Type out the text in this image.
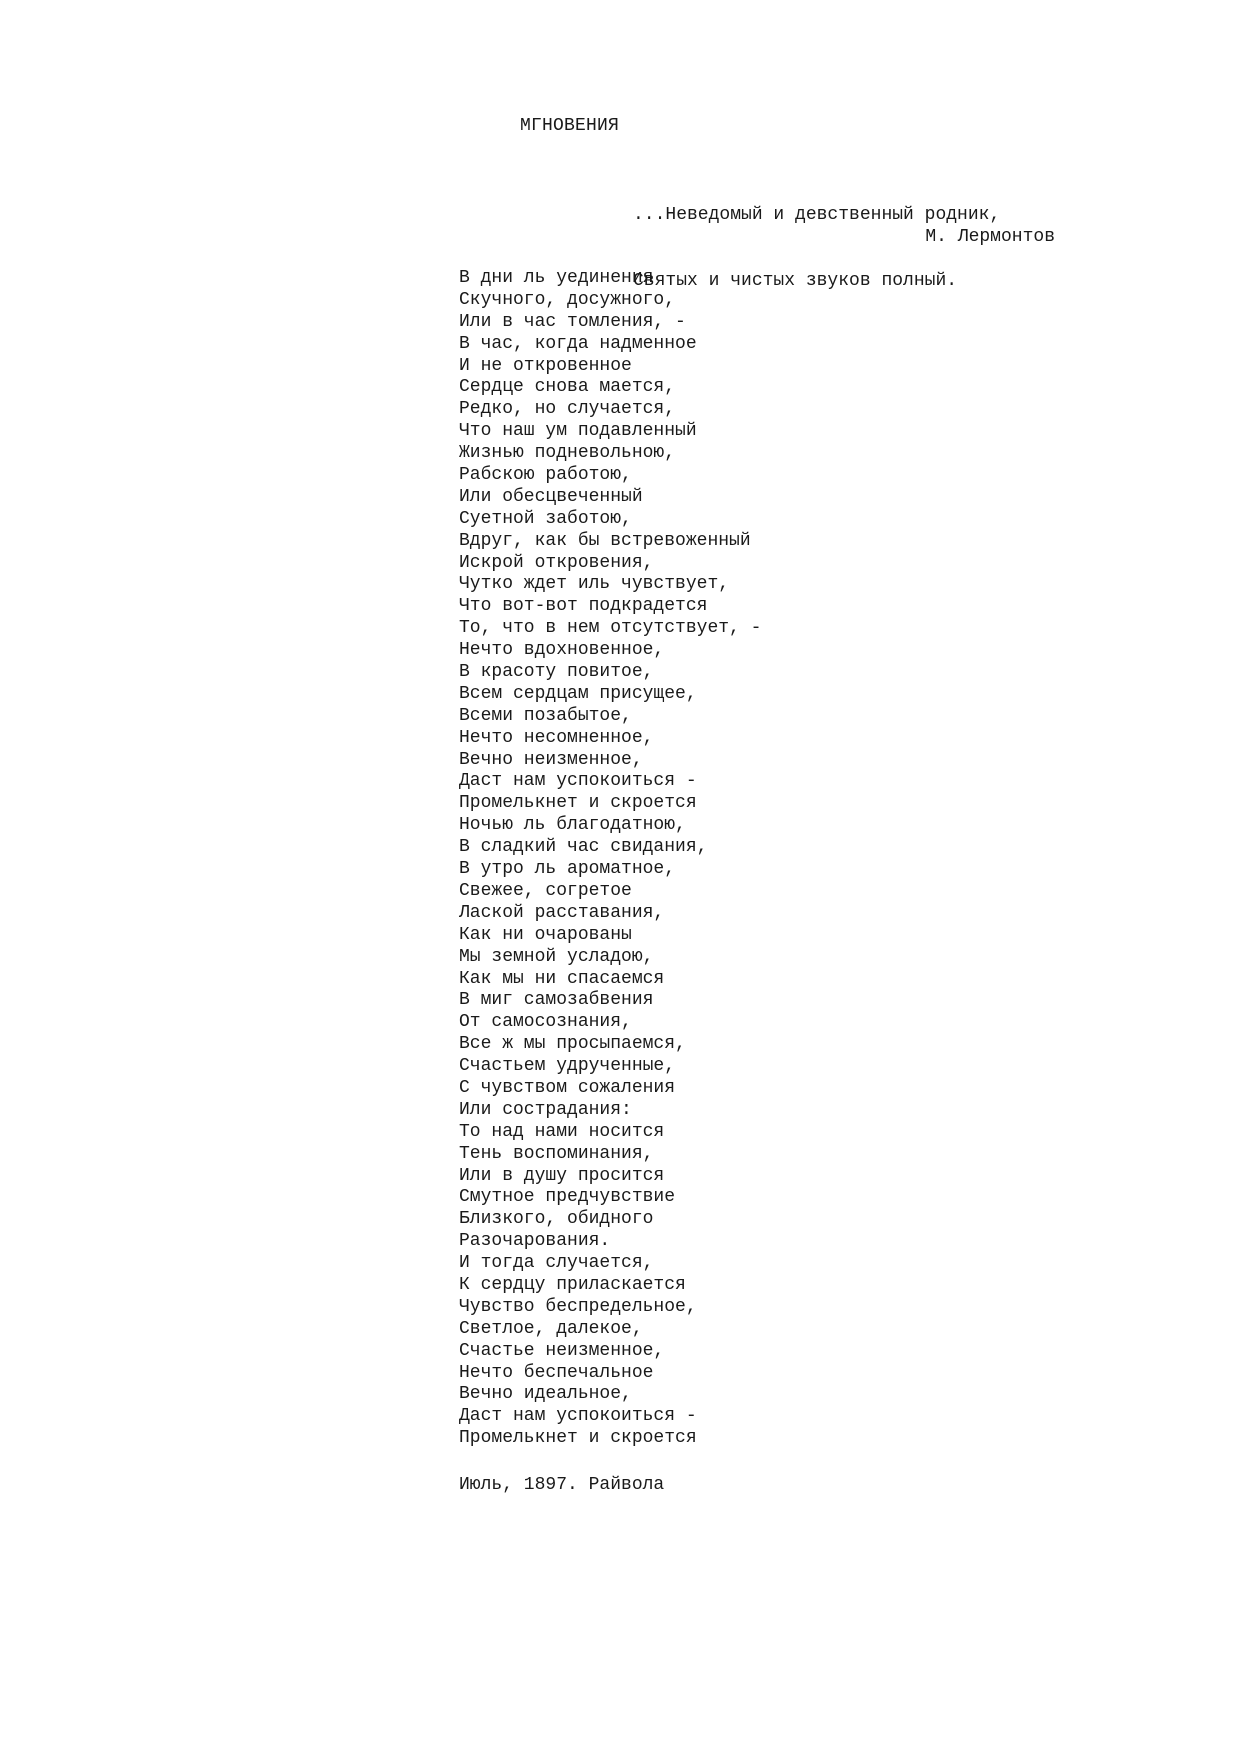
МГНОВЕНИЯ

...Неведомый и девственный родник,

Святых и чистых звуков полный.

М. Лермонтов
В дни ль уединения
Скучного, досужного,
Или в час томления, -
В час, когда надменное
И не откровенное
Сердце снова мается,
Редко, но случается,
Что наш ум подавленный
Жизнью подневольною,
Рабскою работою,
Или обесцвеченный
Суетной заботою,
Вдруг, как бы встревоженный
Искрой откровения,
Чутко ждет иль чувствует,
Что вот-вот подкрадется
То, что в нем отсутствует, -
Нечто вдохновенное,
В красоту повитое,
Всем сердцам присущее,
Всеми позабытое,
Нечто несомненное,
Вечно неизменное,
Даст нам успокоиться -
Промелькнет и скроется
Ночью ль благодатною,
В сладкий час свидания,
В утро ль ароматное,
Свежее, согретое
Лаской расставания,
Как ни очарованы
Мы земной усладою,
Как мы ни спасаемся
В миг самозабвения
От самосознания,
Все ж мы просыпаемся,
Счастьем удрученные,
С чувством сожаления
Или сострадания:
То над нами носится
Тень воспоминания,
Или в душу просится
Смутное предчувствие
Близкого, обидного
Разочарования.
И тогда случается,
К сердцу приласкается
Чувство беспредельное,
Светлое, далекое,
Счастье неизменное,
Нечто беспечальное
Вечно идеальное,
Даст нам успокоиться -
Промелькнет и скроется
Июль, 1897. Райвола
